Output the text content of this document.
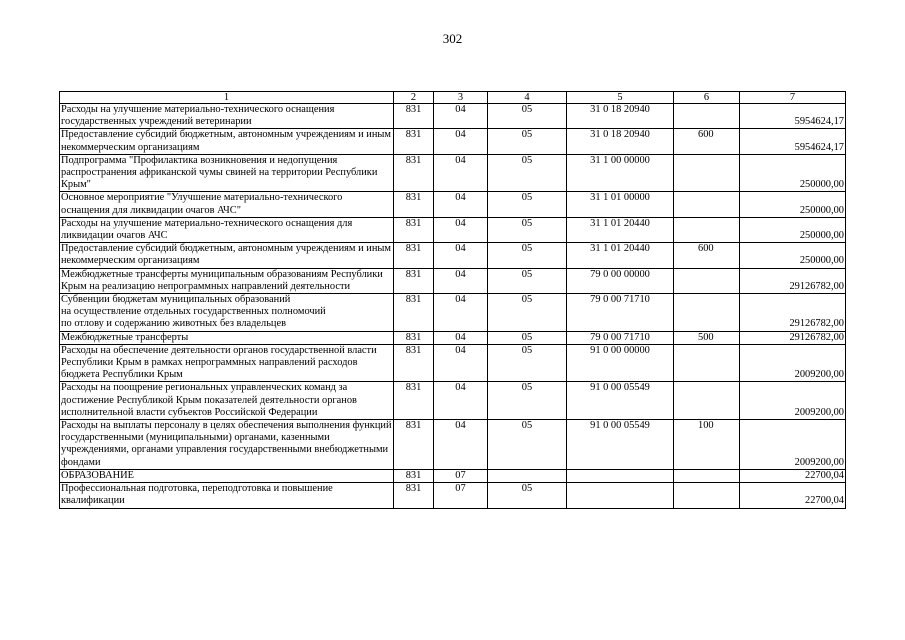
302
1	2	3	4	5	6	7
Расходы на улучшение материально-технического оснащения государственных учреждений ветеринарии	831	04	05	31 0 18 20940		5954624,17
Предоставление субсидий бюджетным, автономным учреждениям и иным некоммерческим организациям	831	04	05	31 0 18 20940	600	5954624,17
Подпрограмма "Профилактика возникновения и недопущения распространения африканской чумы свиней на территории Республики Крым"	831	04	05	31 1 00 00000		250000,00
Основное мероприятие "Улучшение материально-технического оснащения для ликвидации очагов АЧС"	831	04	05	31 1 01 00000		250000,00
Расходы на улучшение материально-технического оснащения для ликвидации очагов АЧС	831	04	05	31 1 01 20440		250000,00
Предоставление субсидий бюджетным, автономным учреждениям и иным некоммерческим организациям	831	04	05	31 1 01 20440	600	250000,00
Межбюджетные трансферты муниципальным образованиям Республики Крым на реализацию непрограммных направлений деятельности	831	04	05	79 0 00 00000		29126782,00
Субвенции бюджетам муниципальных образований
на осуществление отдельных государственных полномочий
по отлову и содержанию животных без владельцев	831	04	05	79 0 00 71710		29126782,00
Межбюджетные трансферты	831	04	05	79 0 00 71710	500	29126782,00
Расходы на обеспечение деятельности органов государственной власти Республики Крым в рамках непрограммных направлений расходов бюджета Республики Крым	831	04	05	91 0 00 00000		2009200,00
Расходы на поощрение региональных управленческих команд за достижение Республикой Крым показателей деятельности органов исполнительной власти субъектов Российской Федерации	831	04	05	91 0 00 05549		2009200,00
Расходы на выплаты персоналу в целях обеспечения выполнения функций государственными (муниципальными) органами, казенными учреждениями, органами управления государственными внебюджетными фондами	831	04	05	91 0 00 05549	100	2009200,00
ОБРАЗОВАНИЕ	831	07				22700,04
Профессиональная подготовка, переподготовка и повышение квалификации	831	07	05			22700,04
